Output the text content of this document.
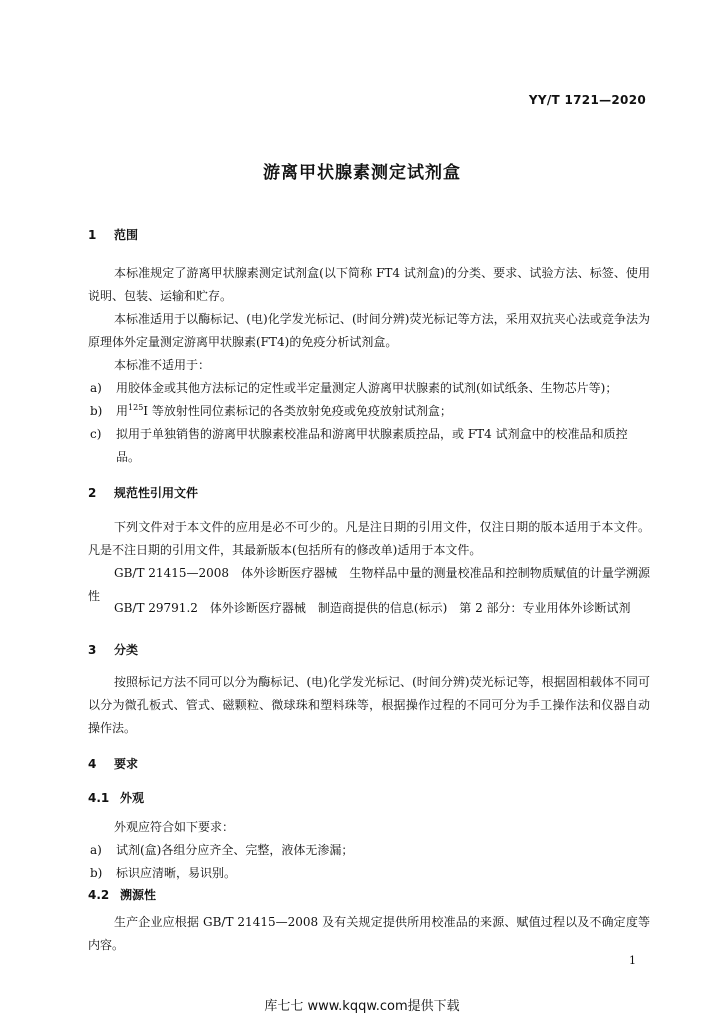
YY/T 1721—2020
游离甲状腺素测定试剂盒
1 范围
本标准规定了游离甲状腺素测定试剂盒(以下简称 FT4 试剂盒)的分类、要求、试验方法、标签、使用说明、包装、运输和贮存。
本标准适用于以酶标记、(电)化学发光标记、(时间分辨)荧光标记等方法，采用双抗夹心法或竞争法为原理体外定量测定游离甲状腺素(FT4)的免疫分析试剂盒。
本标准不适用于：
a) 用胶体金或其他方法标记的定性或半定量测定人游离甲状腺素的试剂(如试纸条、生物芯片等)；
b) 用$^{125}$I 等放射性同位素标记的各类放射免疫或免疫放射试剂盒；
c) 拟用于单独销售的游离甲状腺素校准品和游离甲状腺素质控品，或 FT4 试剂盒中的校准品和质控品。
2 规范性引用文件
下列文件对于本文件的应用是必不可少的。凡是注日期的引用文件，仅注日期的版本适用于本文件。凡是不注日期的引用文件，其最新版本(包括所有的修改单)适用于本文件。
GB/T 21415—2008　体外诊断医疗器械　生物样品中量的测量校准品和控制物质赋值的计量学溯源性
GB/T 29791.2　体外诊断医疗器械　制造商提供的信息(标示)　第 2 部分：专业用体外诊断试剂
3 分类
按照标记方法不同可以分为酶标记、(电)化学发光标记、(时间分辨)荧光标记等，根据固相载体不同可以分为微孔板式、管式、磁颗粒、微球珠和塑料珠等，根据操作过程的不同可分为手工操作法和仪器自动操作法。
4 要求
4.1 外观
外观应符合如下要求：
a) 试剂(盒)各组分应齐全、完整，液体无渗漏；
b) 标识应清晰，易识别。
4.2 溯源性
生产企业应根据 GB/T 21415—2008 及有关规定提供所用校准品的来源、赋值过程以及不确定度等内容。
1
库七七 www.kqqw.com提供下载
